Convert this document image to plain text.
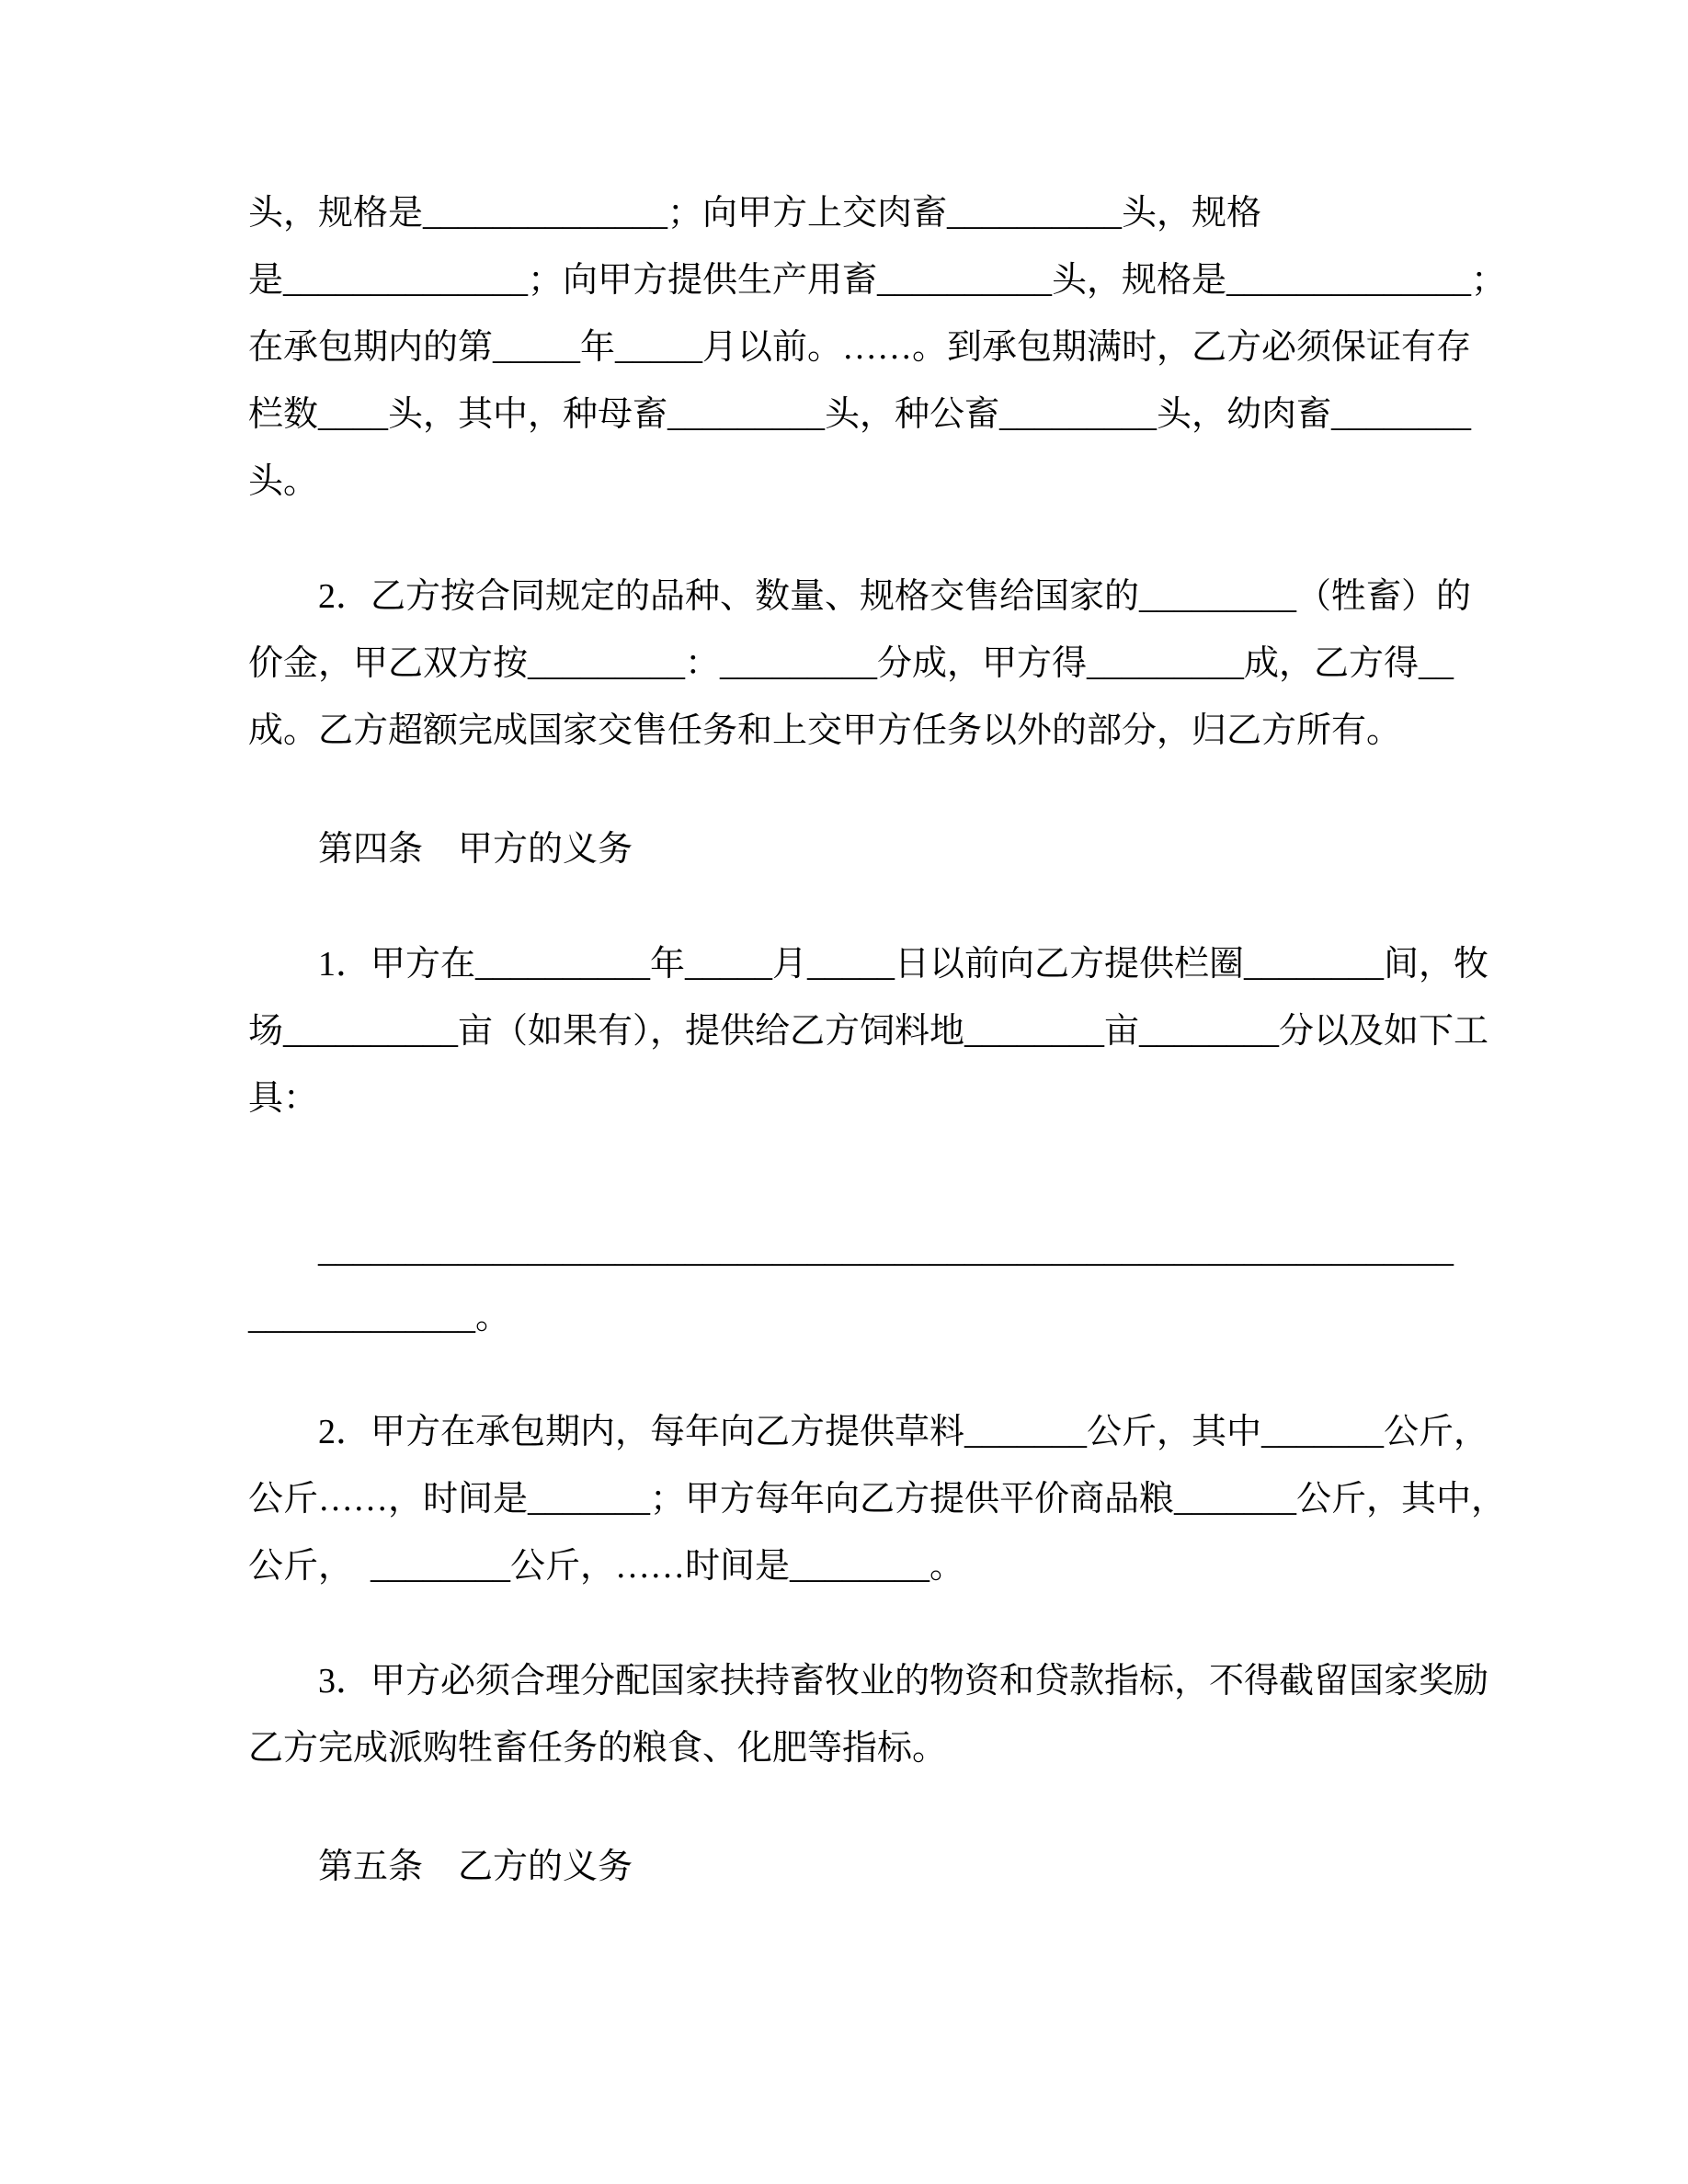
头，规格是______________；向甲方上交肉畜__________头，规格
是______________；向甲方提供生产用畜__________头，规格是______________；
在承包期内的第_____年_____月以前。……。到承包期满时，乙方必须保证有存
栏数____头，其中，种母畜_________头，种公畜_________头，幼肉畜________
头。
2．乙方按合同规定的品种、数量、规格交售给国家的_________（牲畜）的
价金，甲乙双方按_________：_________分成，甲方得_________成，乙方得__
成。乙方超额完成国家交售任务和上交甲方任务以外的部分，归乙方所有。
第四条　甲方的义务
1．甲方在__________年_____月_____日以前向乙方提供栏圈________间，牧
场__________亩（如果有），提供给乙方饲料地________亩________分以及如下工
具：
_________________________________________________________________
_____________。
2．甲方在承包期内，每年向乙方提供草料_______公斤，其中_______公斤，
公斤……，时间是_______；甲方每年向乙方提供平价商品粮_______公斤，其中，
公斤，　________公斤，……时间是________。
3．甲方必须合理分配国家扶持畜牧业的物资和贷款指标，不得截留国家奖励
乙方完成派购牲畜任务的粮食、化肥等指标。
第五条　乙方的义务
